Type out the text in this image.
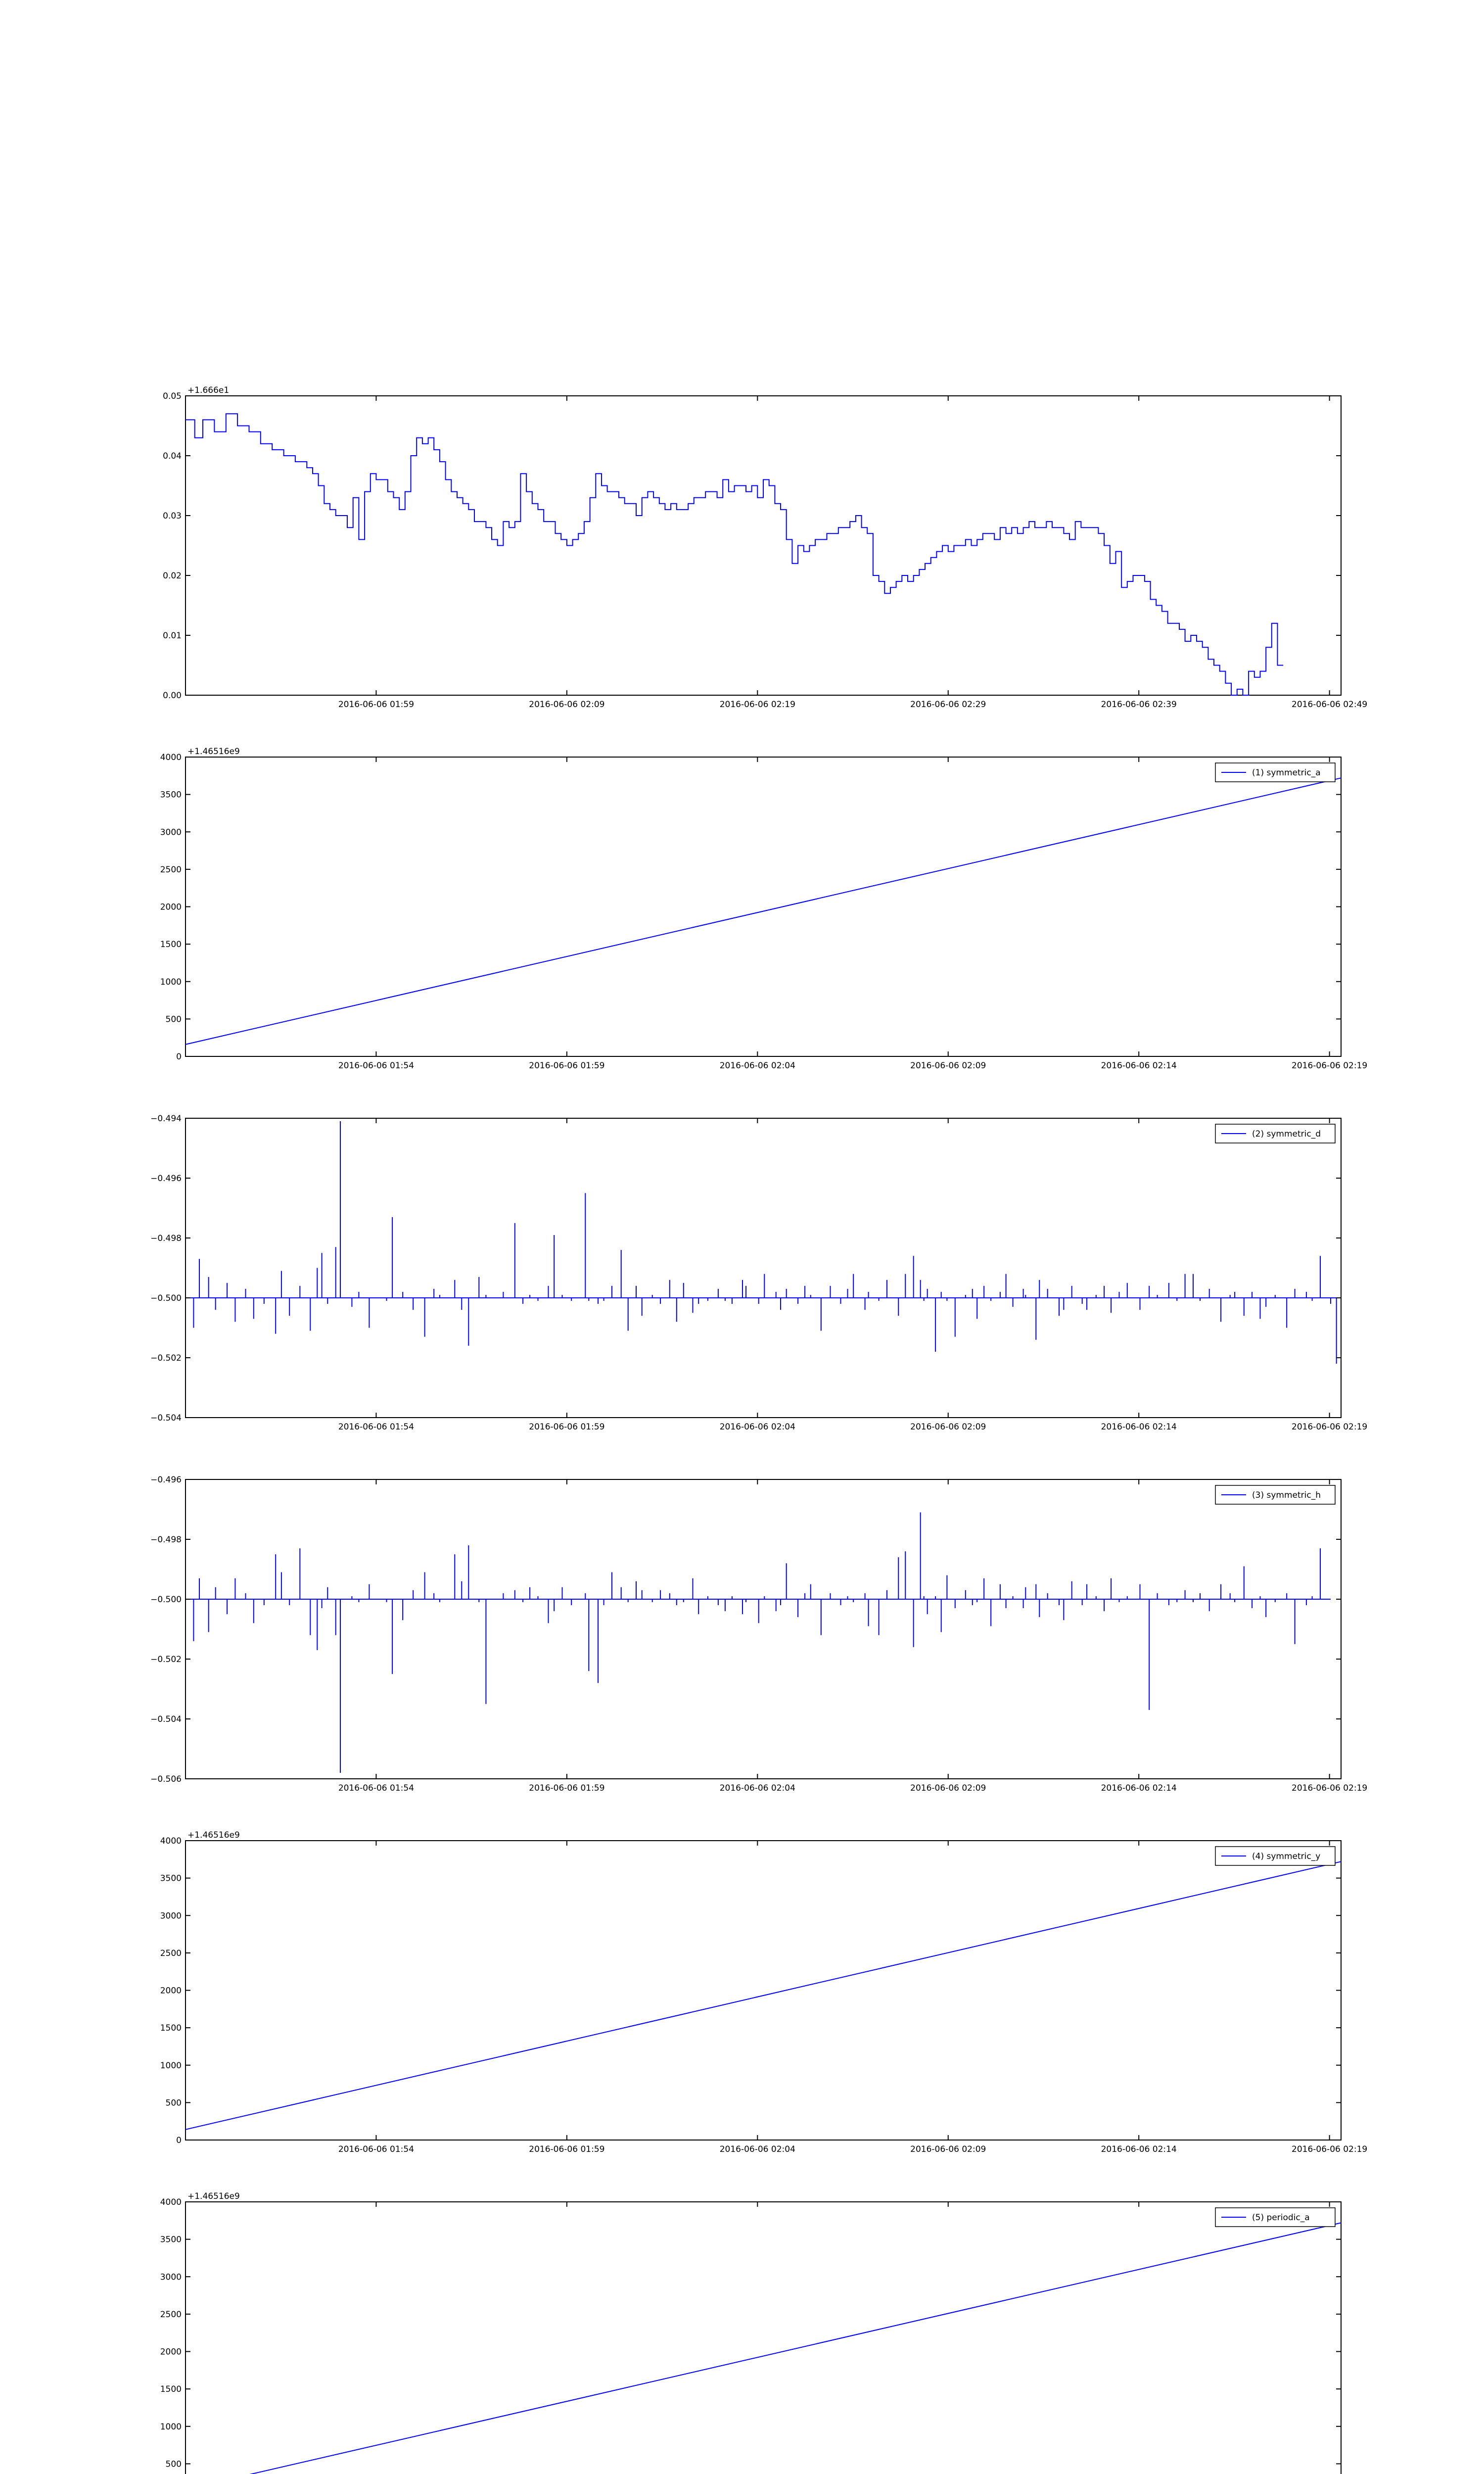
0.00
0.01
0.02
0.03
0.04
0.05
2016-06-06 01:59	2016-06-06 02:09	2016-06-06 02:19	2016-06-06 02:29	2016-06-06 02:39	2016-06-06 02:49
+1.666e1
0
500
1000
1500
2000
2500
3000
3500
4000
2016-06-06 01:54	2016-06-06 01:59	2016-06-06 02:04	2016-06-06 02:09	2016-06-06 02:14	2016-06-06 02:19
+1.46516e9
(1) symmetric_a
−0.504
−0.502
−0.500
−0.498
−0.496
−0.494
2016-06-06 01:54	2016-06-06 01:59	2016-06-06 02:04	2016-06-06 02:09	2016-06-06 02:14	2016-06-06 02:19
(2) symmetric_d
−0.506
−0.504
−0.502
−0.500
−0.498
−0.496
2016-06-06 01:54	2016-06-06 01:59	2016-06-06 02:04	2016-06-06 02:09	2016-06-06 02:14	2016-06-06 02:19
(3) symmetric_h
0
500
1000
1500
2000
2500
3000
3500
4000
2016-06-06 01:54	2016-06-06 01:59	2016-06-06 02:04	2016-06-06 02:09	2016-06-06 02:14	2016-06-06 02:19
+1.46516e9
(4) symmetric_y
500
1000
1500
2000
2500
3000
3500
4000
+1.46516e9
(5) periodic_a
